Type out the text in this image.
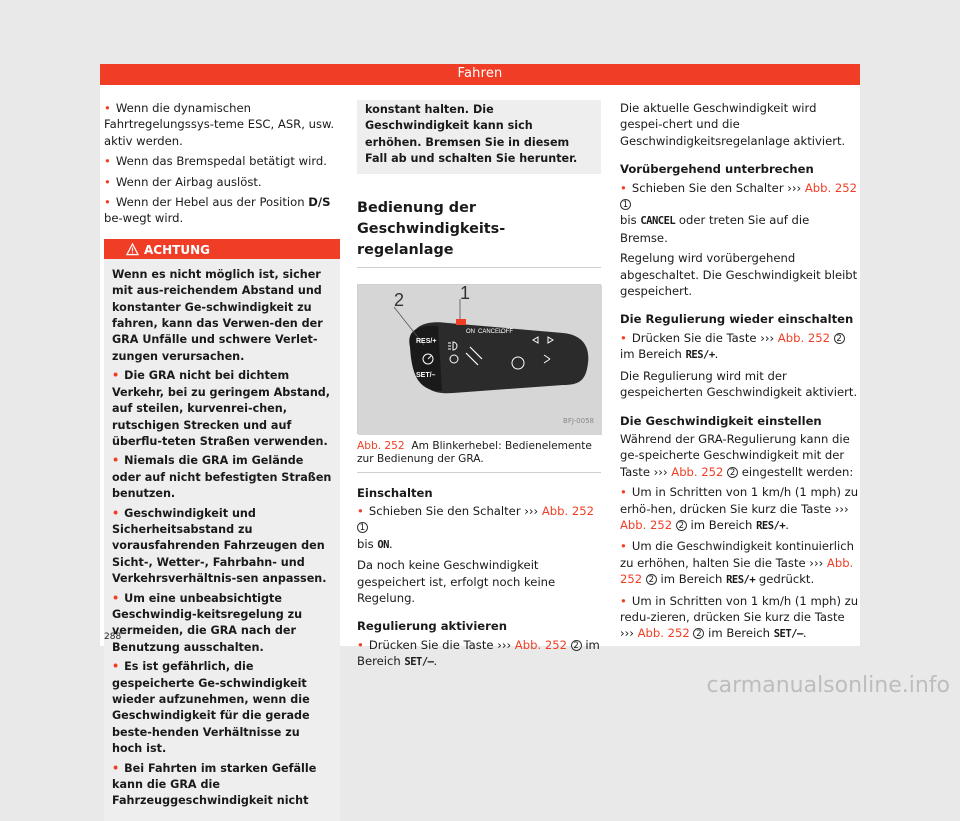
Fahren

• Wenn die dynamischen Fahrtregelungssys-teme ESC, ASR, usw. aktiv werden.

• Wenn das Bremspedal betätigt wird.

• Wenn der Airbag auslöst.

• Wenn der Hebel aus der Position D/S be-wegt wird.

ACHTUNG

Wenn es nicht möglich ist, sicher mit aus-reichendem Abstand und konstanter Ge-schwindigkeit zu fahren, kann das Verwen-den der GRA Unfälle und schwere Verlet-zungen verursachen.

• Die GRA nicht bei dichtem Verkehr, bei zu geringem Abstand, auf steilen, kurvenrei-chen, rutschigen Strecken und auf überflu-teten Straßen verwenden.

• Niemals die GRA im Gelände oder auf nicht befestigten Straßen benutzen.

• Geschwindigkeit und Sicherheitsabstand zu vorausfahrenden Fahrzeugen den Sicht-, Wetter-, Fahrbahn- und Verkehrsverhältnis-sen anpassen.

• Um eine unbeabsichtigte Geschwindig-keitsregelung zu vermeiden, die GRA nach der Benutzung ausschalten.

• Es ist gefährlich, die gespeicherte Ge-schwindigkeit wieder aufzunehmen, wenn die Geschwindigkeit für die gerade beste-henden Verhältnisse zu hoch ist.

• Bei Fahrten im starken Gefälle kann die GRA die Fahrzeuggeschwindigkeit nicht

konstant halten. Die Geschwindigkeit kann sich erhöhen. Bremsen Sie in diesem Fall ab und schalten Sie herunter.
Bedienung der Geschwindigkeits-regelanlage
2	1
RES/+
SET/–
ON CANCEL
OFF
BFJ-0058
Abb. 252 Am Blinkerhebel: Bedienelemente zur Bedienung der GRA.
Einschalten

• Schieben Sie den Schalter ››› Abb. 252 1
bis ON.

Da noch keine Geschwindigkeit gespeichert ist, erfolgt noch keine Regelung.

Regulierung aktivieren

• Drücken Sie die Taste ››› Abb. 252 2 im Bereich SET/–.

Die aktuelle Geschwindigkeit wird gespei-chert und die Geschwindigkeitsregelanlage aktiviert.

Vorübergehend unterbrechen

• Schieben Sie den Schalter ››› Abb. 252 1
bis CANCEL oder treten Sie auf die Bremse.

Regelung wird vorübergehend abgeschaltet. Die Geschwindigkeit bleibt gespeichert.

Die Regulierung wieder einschalten

• Drücken Sie die Taste ››› Abb. 252 2 im Bereich RES/+.

Die Regulierung wird mit der gespeicherten Geschwindigkeit aktiviert.

Die Geschwindigkeit einstellen

Während der GRA-Regulierung kann die ge-speicherte Geschwindigkeit mit der Taste ››› Abb. 252 2 eingestellt werden:

• Um in Schritten von 1 km/h (1 mph) zu erhö-hen, drücken Sie kurz die Taste ››› Abb. 252 2 im Bereich RES/+.

• Um die Geschwindigkeit kontinuierlich zu erhöhen, halten Sie die Taste ››› Abb. 252 2 im Bereich RES/+ gedrückt.

• Um in Schritten von 1 km/h (1 mph) zu redu-zieren, drücken Sie kurz die Taste ››› Abb. 252 2 im Bereich SET/–.

288
carmanualsonline.info
